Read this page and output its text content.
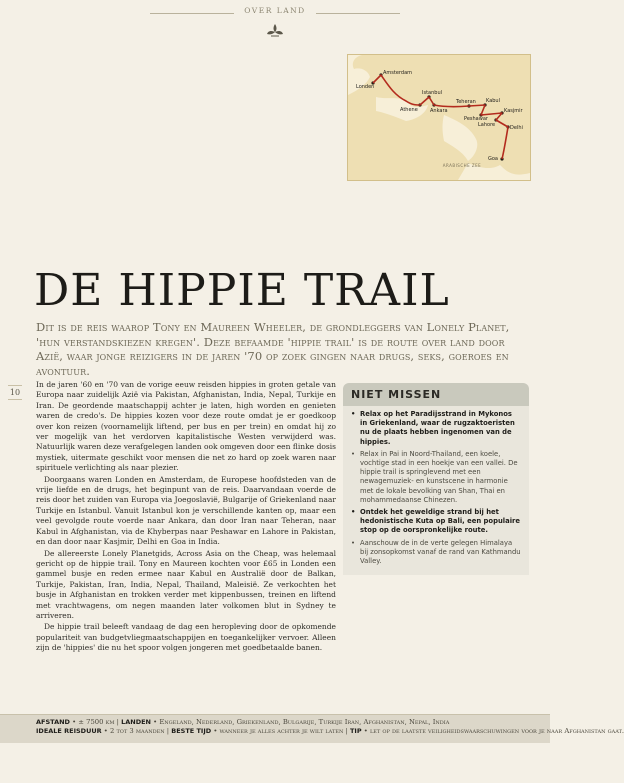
OVER LAND
Amsterdam
Londen
Athene
Istanbul
Ankara
Teheran Kabul
Peshawar
Kasjmir
Lahore	Delhi
Goa
ARABISCHE ZEE
DE HIPPIE TRAIL
Dit is de reis waarop Tony en Maureen Wheeler, de grondleggers van Lonely Planet, 'hun verstandskiezen kregen'. Deze befaamde 'hippie trail' is de route over land door Azië, waar jonge reizigers in de jaren '70 op zoek gingen naar drugs, seks, goeroes en avontuur.
10

In de jaren '60 en '70 van de vorige eeuw reisden hippies in groten getale van Europa naar zuidelijk Azië via Pakistan, Afghanistan, India, Nepal, Turkije en Iran. De geordende maatschappij achter je laten, high worden en genieten waren de credo's. De hippies kozen voor deze route omdat je er goedkoop over kon reizen (voornamelijk liftend, per bus en per trein) en omdat hij zo ver mogelijk van het verdorven kapitalistische Westen verwijderd was. Natuurlijk waren deze verafgelegen landen ook omgeven door een flinke dosis mystiek, uitermate geschikt voor mensen die net zo hard op zoek waren naar spirituele verlichting als naar plezier.

Doorgaans waren Londen en Amsterdam, de Europese hoofdsteden van de vrije liefde en de drugs, het beginpunt van de reis. Daarvandaan voerde de reis door het zuiden van Europa via Joegoslavië, Bulgarije of Griekenland naar Turkije en Istanbul. Vanuit Istanbul kon je verschillende kanten op, maar een veel gevolgde route voerde naar Ankara, dan door Iran naar Teheran, naar Kabul in Afghanistan, via de Khyberpas naar Peshawar en Lahore in Pakistan, en dan door naar Kasjmir, Delhi en Goa in India.

De allereerste Lonely Planetgids, Across Asia on the Cheap, was helemaal gericht op de hippie trail. Tony en Maureen kochten voor £65 in Londen een gammel busje en reden ermee naar Kabul en Australië door de Balkan, Turkije, Pakistan, Iran, India, Nepal, Thailand, Maleisië. Ze verkochten het busje in Afghanistan en trokken verder met kippenbussen, treinen en liftend met vrachtwagens, om negen maanden later volkomen blut in Sydney te arriveren.

De hippie trail beleeft vandaag de dag een heropleving door de opkomende populariteit van budgetvliegmaatschappijen en toegankelijker vervoer. Alleen zijn de 'hippies' die nu het spoor volgen jongeren met goedbetaalde banen.

NIET MISSEN
• Relax op het Paradijsstrand in Mykonos in Griekenland, waar de rugzaktoeristen nu de plaats hebben ingenomen van de hippies.
• Relax in Pai in Noord-Thailand, een koele, vochtige stad in een hoekje van een vallei. De hippie trail is springlevend met een newagemuziek- en kunstscene in harmonie met de lokale bevolking van Shan, Thai en mohammedaanse Chinezen.
• Ontdek het geweldige strand bij het hedonistische Kuta op Bali, een populaire stop op de oorspronkelijke route.
• Aanschouw de in de verte gelegen Himalaya bij zonsopkomst vanaf de rand van Kathmandu Valley.
AFSTAND • ± 7500 km | LANDEN • Engeland, Nederland, Griekenland, Bulgarije, Turkije Iran, Afghanistan, Nepal, India
IDEALE REISDUUR • 2 tot 3 maanden | BESTE TIJD • wanneer je alles achter je wilt laten | TIP • let op de laatste veiligheidswaarschuwingen voor je naar Afghanistan gaat.
